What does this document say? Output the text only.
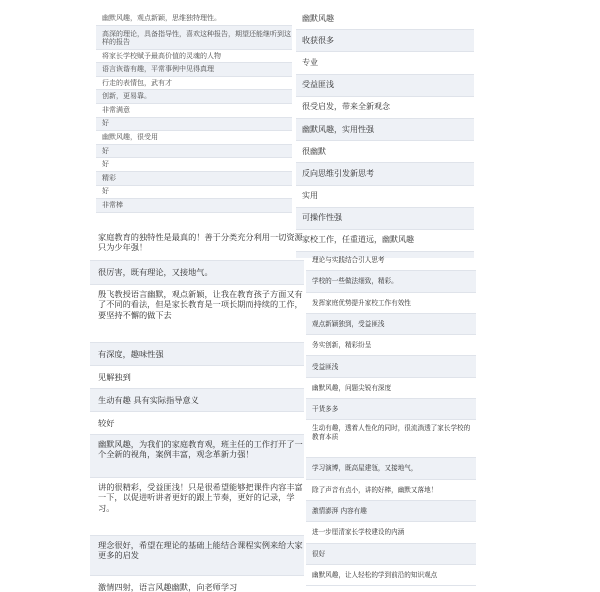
幽默风趣，观点新颖，思维独特理性。
高深的理论，具备指导性，喜欢这种报告，期望还能继听到这样的报告
将家长学校赋予最高价值的灵魂的人物
语言诙谐有趣，平常事例中见得真理
行走的表情包，武有才
创新，更易靠。
非常满意
好
幽默风趣，很受用
好
好
精彩
好
非常棒
幽默风趣
收获很多
专业
受益匪浅
很受启发，带来全新观念
幽默风趣，实用性强
很幽默
反向思维引发新思考
实用
可操作性强
家校工作，任重道远，幽默风趣
家庭教育的独特性是最真的！善于分类充分利用一切资源只为少年强！
很厉害，既有理论，又接地气。
殷飞教授语言幽默，观点新颖，让我在教育孩子方面又有了不同的看法，但是家长教育是一项长期而持续的工作，要坚持不懈的做下去
有深度，趣味性强
见解独到
生动有趣 具有实际指导意义
较好
幽默风趣，为我们的家庭教育观，班主任的工作打开了一个全新的视角，案例丰富，观念革新力强！
讲的很精彩，受益匪浅！只是很希望能够把课件内容丰富一下，以促进听讲者更好的跟上节奏，更好的记录，学习。
理念很好，希望在理论的基础上能结合课程实例来给大家更多的启发
激情四射，语言风趣幽默，向老师学习
理论与实践结合引人思考
学校的一些做法细致，精彩。
发挥家庭优势提升家校工作有效性
观点新颖独到，受益匪浅
务实创新，精彩纷呈
受益匪浅
幽默风趣，问题尖锐有深度
干货多多
生动有趣，透着人性化的同时，很流淌透了家长学校的教育本质
学习演博，既高屋建瓴，又接地气，
除了声音有点小，讲的好棒，幽默又落地！
激情澎湃 内容有趣
进一步厘清家长学校建设的内涵
很好
幽默风趣，让人轻松的学到前沿的知识观点
